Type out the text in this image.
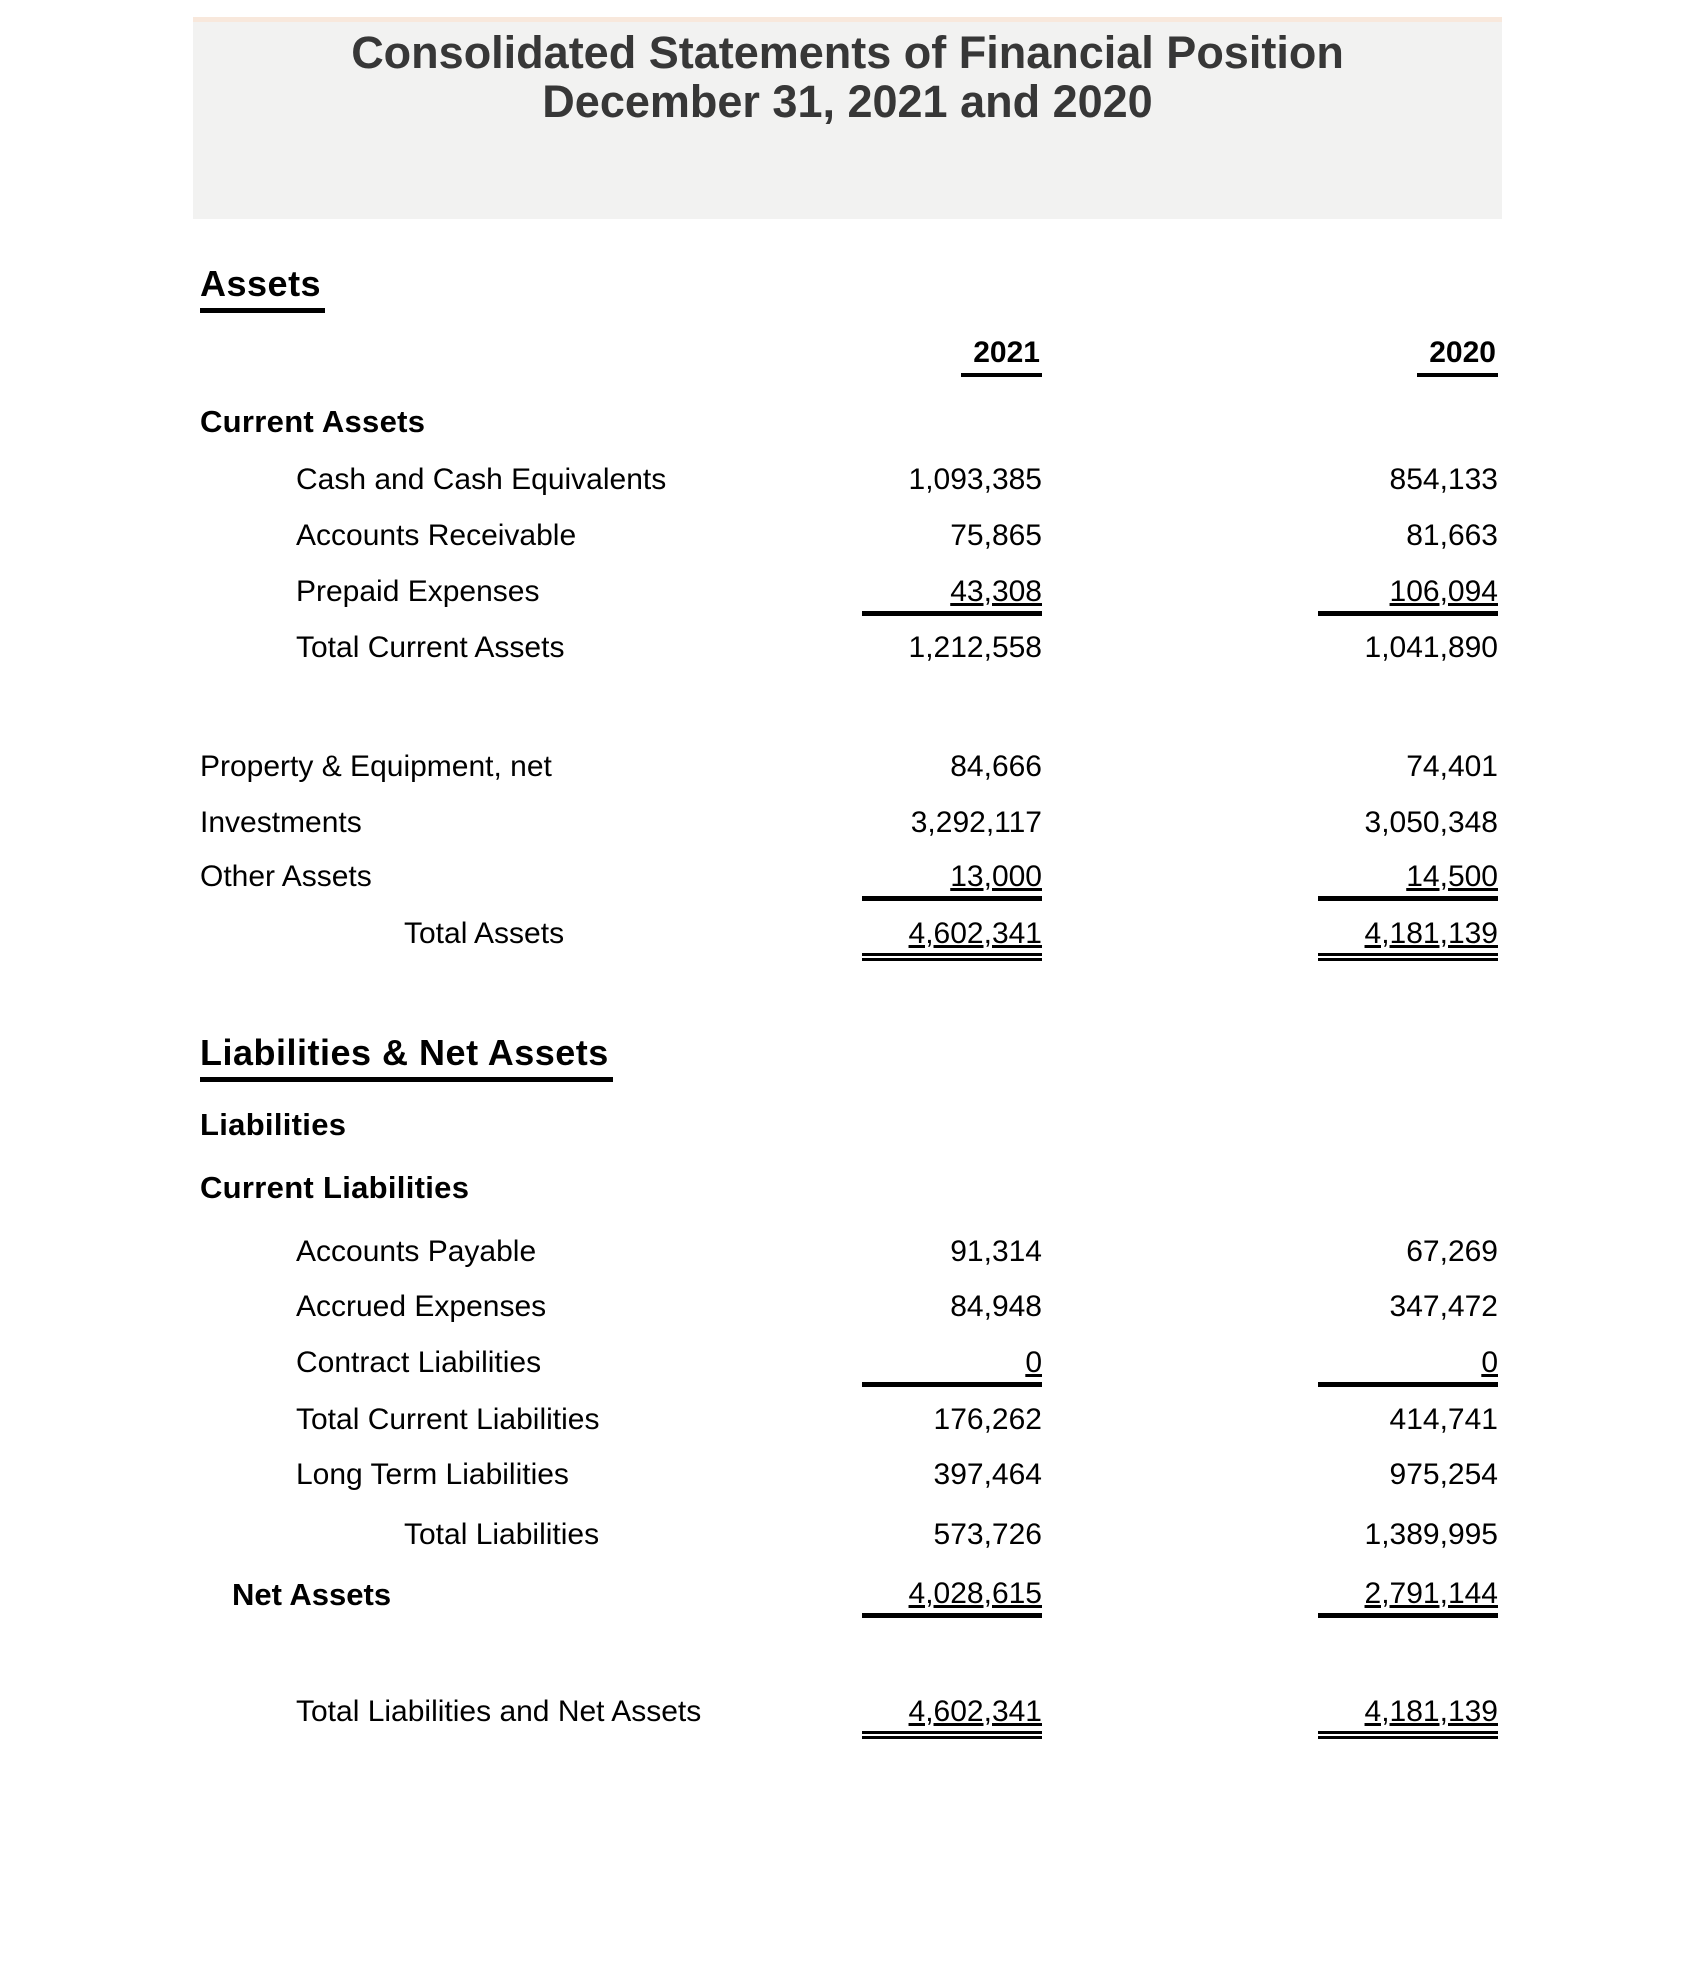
Consolidated Statements of Financial Position
December 31, 2021 and 2020
Assets
2021	2020
Current Assets
Cash and Cash Equivalents	1,093,385	854,133
Accounts Receivable	75,865	81,663
Prepaid Expenses	43,308	106,094
Total Current Assets	1,212,558	1,041,890
Property & Equipment, net	84,666	74,401
Investments	3,292,117	3,050,348
Other Assets	13,000	14,500
Total Assets	4,602,341	4,181,139
Liabilities & Net Assets
Liabilities
Current Liabilities
Accounts Payable	91,314	67,269
Accrued Expenses	84,948	347,472
Contract Liabilities	0	0
Total Current Liabilities	176,262	414,741
Long Term Liabilities	397,464	975,254
Total Liabilities	573,726	1,389,995
Net Assets	4,028,615	2,791,144
Total Liabilities and Net Assets	4,602,341	4,181,139
